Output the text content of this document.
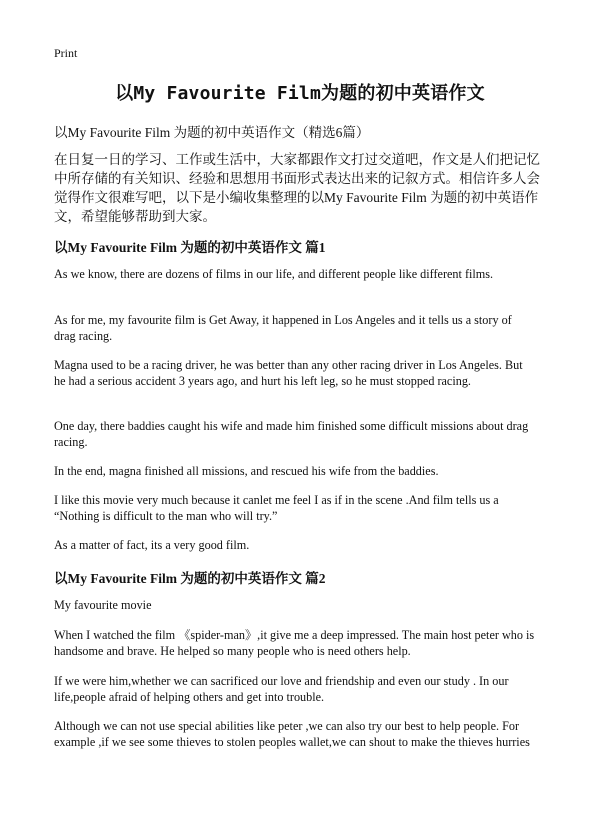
Print
以My Favourite Film为题的初中英语作文
以My Favourite Film 为题的初中英语作文（精选6篇）
在日复一日的学习、工作或生活中，大家都跟作文打过交道吧，作文是人们把记忆中所存储的有关知识、经验和思想用书面形式表达出来的记叙方式。相信许多人会觉得作文很难写吧，以下是小编收集整理的以My Favourite Film 为题的初中英语作文，希望能够帮助到大家。
以My Favourite Film 为题的初中英语作文 篇1
As we know, there are dozens of films in our life, and different people like different films.
As for me, my favourite film is Get Away, it happened in Los Angeles and it tells us a story of drag racing.
Magna used to be a racing driver, he was better than any other racing driver in Los Angeles. But he had a serious accident 3 years ago, and hurt his left leg, so he must stopped racing.
One day, there baddies caught his wife and made him finished some difficult missions about drag racing.
In the end, magna finished all missions, and rescued his wife from the baddies.
I like this movie very much because it canlet me feel I as if in the scene .And film tells us a “Nothing is difficult to the man who will try.”
As a matter of fact, its a very good film.
以My Favourite Film 为题的初中英语作文 篇2
My favourite movie
When I watched the film 《spider-man》,it give me a deep impressed. The main host peter who is handsome and brave. He helped so many people who is need others help.
If we were him,whether we can sacrificed our love and friendship and even our study . In our life,people afraid of helping others and get into trouble.
Although we can not use special abilities like peter ,we can also try our best to help people. For example ,if we see some thieves to stolen peoples wallet,we can shout to make the thieves hurries
